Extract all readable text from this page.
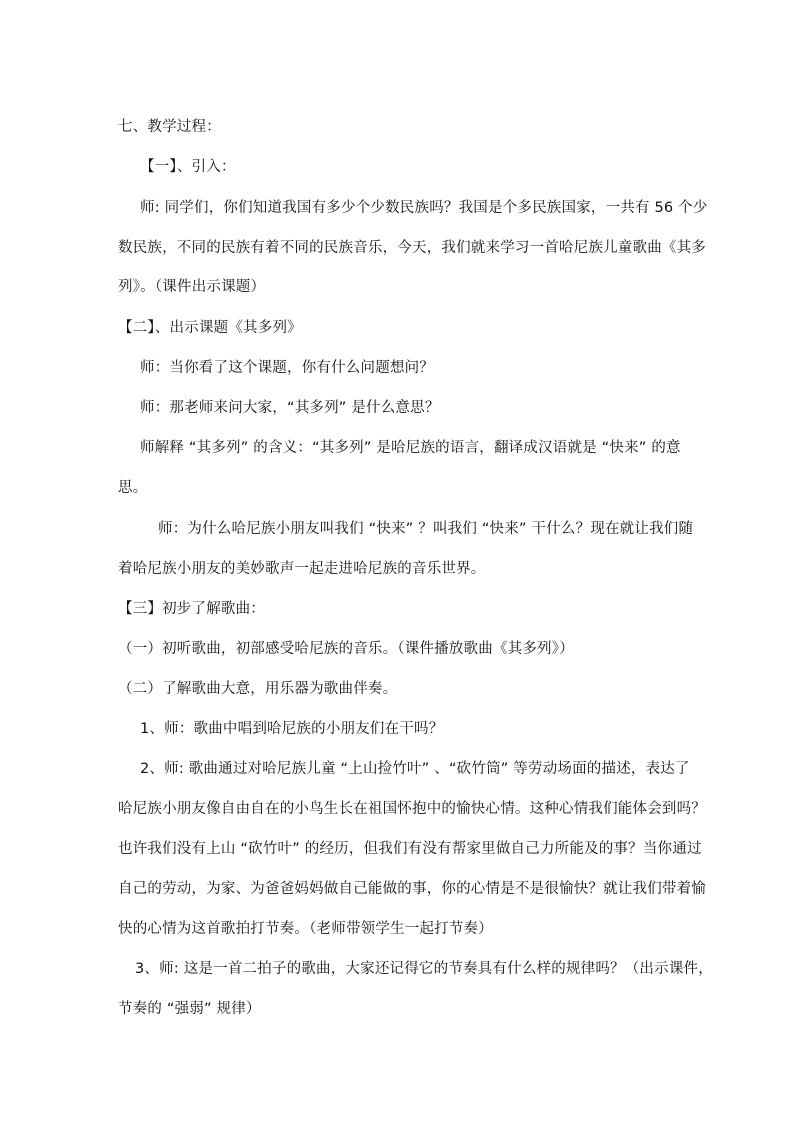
七、教学过程：
【一】、引入：
师: 同学们，你们知道我国有多少个少数民族吗？我国是个多民族国家，一共有 56 个少
数民族，不同的民族有着不同的民族音乐，今天，我们就来学习一首哈尼族儿童歌曲《其多
列》。（课件出示课题）
【二】、出示课题《其多列》
师：当你看了这个课题，你有什么问题想问？
师：那老师来问大家，“其多列” 是什么意思？
师解释 “其多列” 的含义：“其多列” 是哈尼族的语言，翻译成汉语就是 “快来” 的意
思。
师：为什么哈尼族小朋友叫我们 “快来” ？叫我们 “快来” 干什么？现在就让我们随
着哈尼族小朋友的美妙歌声一起走进哈尼族的音乐世界。
【三】初步了解歌曲：
（一）初听歌曲，初部感受哈尼族的音乐。（课件播放歌曲《其多列》）
（二）了解歌曲大意，用乐器为歌曲伴奏。
1、师：歌曲中唱到哈尼族的小朋友们在干吗？
2、师: 歌曲通过对哈尼族儿童 “上山捡竹叶” 、“砍竹筒” 等劳动场面的描述，表达了
哈尼族小朋友像自由自在的小鸟生长在祖国怀抱中的愉快心情。这种心情我们能体会到吗？
也许我们没有上山 “砍竹叶” 的经历，但我们有没有帮家里做自己力所能及的事？当你通过
自己的劳动，为家、为爸爸妈妈做自己能做的事，你的心情是不是很愉快？就让我们带着愉
快的心情为这首歌拍打节奏。（老师带领学生一起打节奏）
3、师: 这是一首二拍子的歌曲，大家还记得它的节奏具有什么样的规律吗？（出示课件，
节奏的 “强弱” 规律）
